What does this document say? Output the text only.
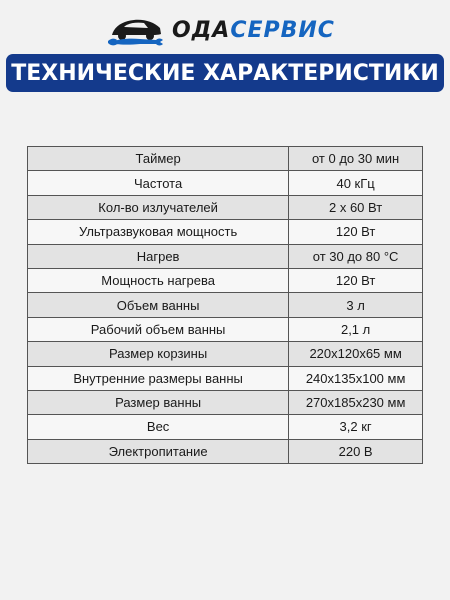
ОДАСЕРВИС
ТЕХНИЧЕСКИЕ ХАРАКТЕРИСТИКИ
Таймер	от 0 до 30 мин
Частота	40 кГц
Кол-во излучателей	2 х 60 Вт
Ультразвуковая мощность	120 Вт
Нагрев	от 30 до 80 °С
Мощность нагрева	120 Вт
Объем ванны	3 л
Рабочий объем ванны	2,1 л
Размер корзины	220х120х65 мм
Внутренние размеры ванны	240х135х100 мм
Размер ванны	270х185х230 мм
Вес	3,2 кг
Электропитание	220 В
